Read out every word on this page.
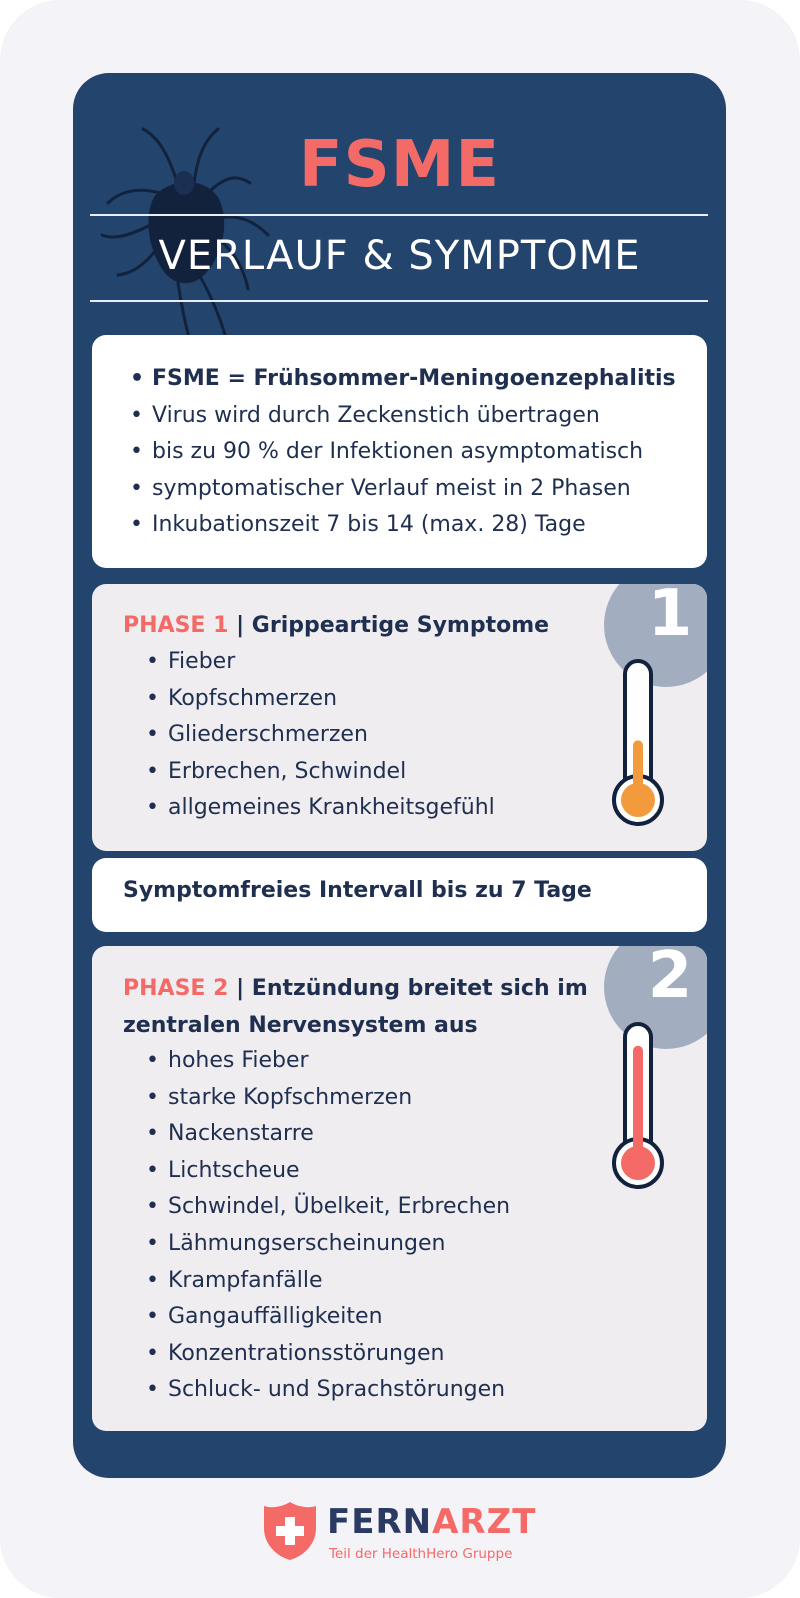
FSME
VERLAUF & SYMPTOME
• FSME = Frühsommer-Meningoenzephalitis
• Virus wird durch Zeckenstich übertragen
• bis zu 90 % der Infektionen asymptomatisch
• symptomatischer Verlauf meist in 2 Phasen
• Inkubationszeit 7 bis 14 (max. 28) Tage
1
PHASE 1 | Grippeartige Symptome
• Fieber
• Kopfschmerzen
• Gliederschmerzen
• Erbrechen, Schwindel
• allgemeines Krankheitsgefühl
Symptomfreies Intervall bis zu 7 Tage
2
PHASE 2 | Entzündung breitet sich im
zentralen Nervensystem aus
• hohes Fieber
• starke Kopfschmerzen
• Nackenstarre
• Lichtscheue
• Schwindel, Übelkeit, Erbrechen
• Lähmungserscheinungen
• Krampfanfälle
• Gangauffälligkeiten
• Konzentrationsstörungen
• Schluck- und Sprachstörungen
FERNARZT
Teil der HealthHero Gruppe
